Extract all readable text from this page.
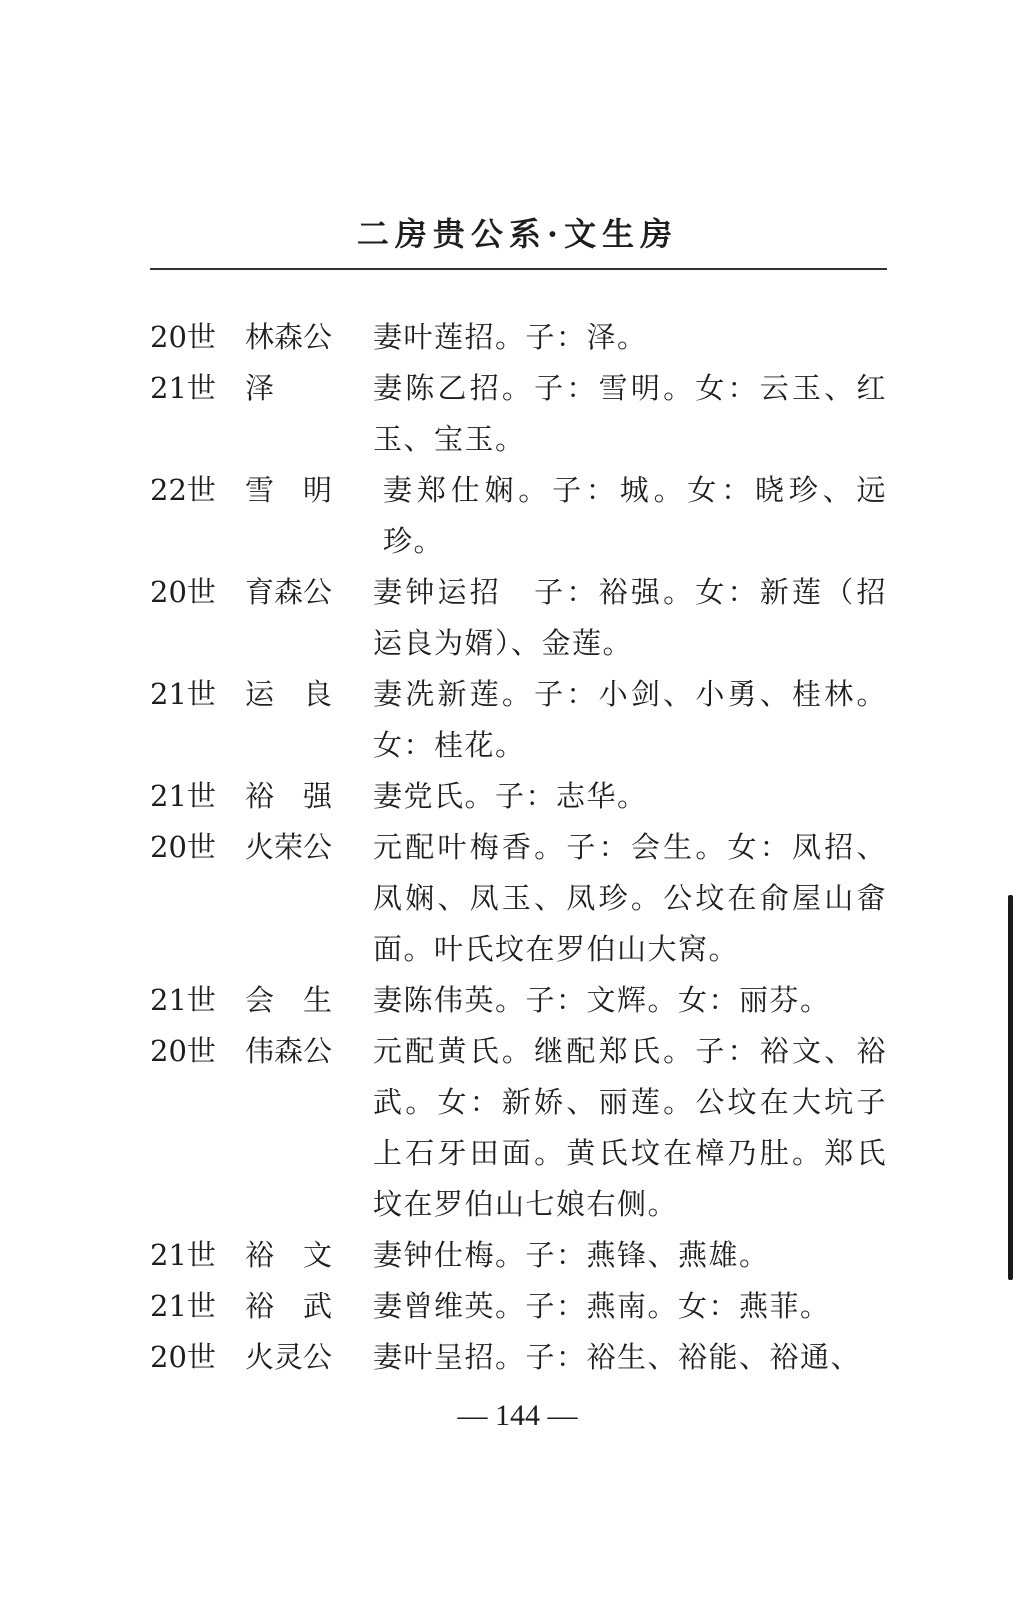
二房贵公系·文生房
20世	林森公	妻叶莲招。子：泽。
21世	泽	妻陈乙招。子：雪明。女：云玉、红玉、宝玉。
22世	雪　明	妻郑仕娴。子：城。女：晓珍、远珍。
20世	育森公	妻钟运招　子：裕强。女：新莲（招运良为婿）、金莲。
21世	运　良	妻冼新莲。子：小剑、小勇、桂林。女：桂花。
21世	裕　强	妻党氏。子：志华。
20世	火荣公	元配叶梅香。子：会生。女：凤招、凤娴、凤玉、凤珍。公坟在俞屋山畲面。叶氏坟在罗伯山大窝。
21世	会　生	妻陈伟英。子：文辉。女：丽芬。
20世	伟森公	元配黄氏。继配郑氏。子：裕文、裕武。女：新娇、丽莲。公坟在大坑子上石牙田面。黄氏坟在樟乃肚。郑氏坟在罗伯山七娘右侧。
21世	裕　文	妻钟仕梅。子：燕锋、燕雄。
21世	裕　武	妻曾维英。子：燕南。女：燕菲。
20世	火灵公	妻叶呈招。子：裕生、裕能、裕通、
— 144 —
